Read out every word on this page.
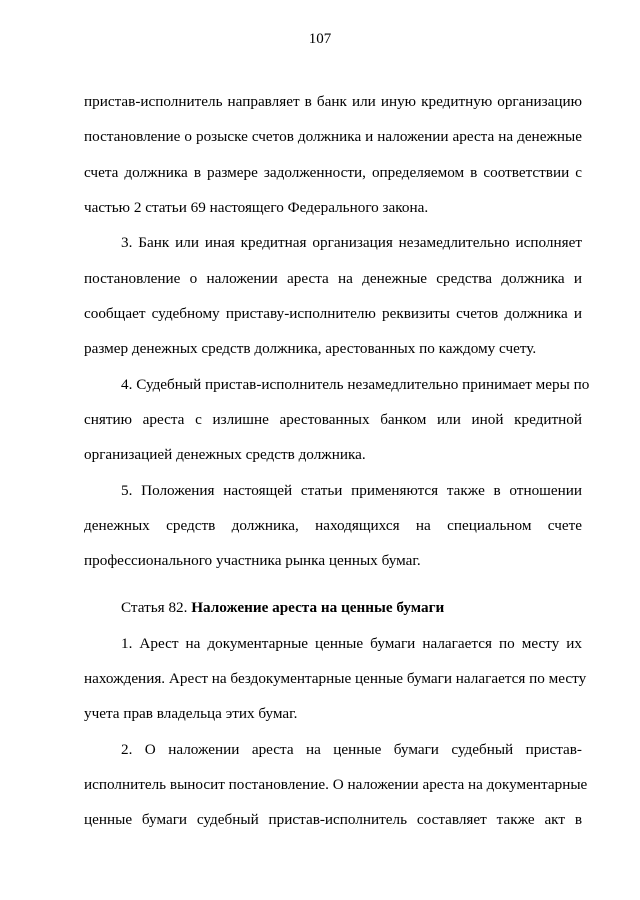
107
пристав-исполнитель направляет в банк или иную кредитную организацию
постановление о розыске счетов должника и наложении ареста на денежные
счета должника в размере задолженности, определяемом в соответствии с
частью 2 статьи 69 настоящего Федерального закона.
3. Банк или иная кредитная организация незамедлительно исполняет
постановление о наложении ареста на денежные средства должника и
сообщает судебному приставу-исполнителю реквизиты счетов должника и
размер денежных средств должника, арестованных по каждому счету.
4. Судебный пристав-исполнитель незамедлительно принимает меры по
снятию ареста с излишне арестованных банком или иной кредитной
организацией денежных средств должника.
5. Положения настоящей статьи применяются также в отношении
денежных средств должника, находящихся на специальном счете
профессионального участника рынка ценных бумаг.
Статья 82. Наложение ареста на ценные бумаги
1. Арест на документарные ценные бумаги налагается по месту их
нахождения. Арест на бездокументарные ценные бумаги налагается по месту
учета прав владельца этих бумаг.
2. О наложении ареста на ценные бумаги судебный пристав-
исполнитель выносит постановление. О наложении ареста на документарные
ценные бумаги судебный пристав-исполнитель составляет также акт в
